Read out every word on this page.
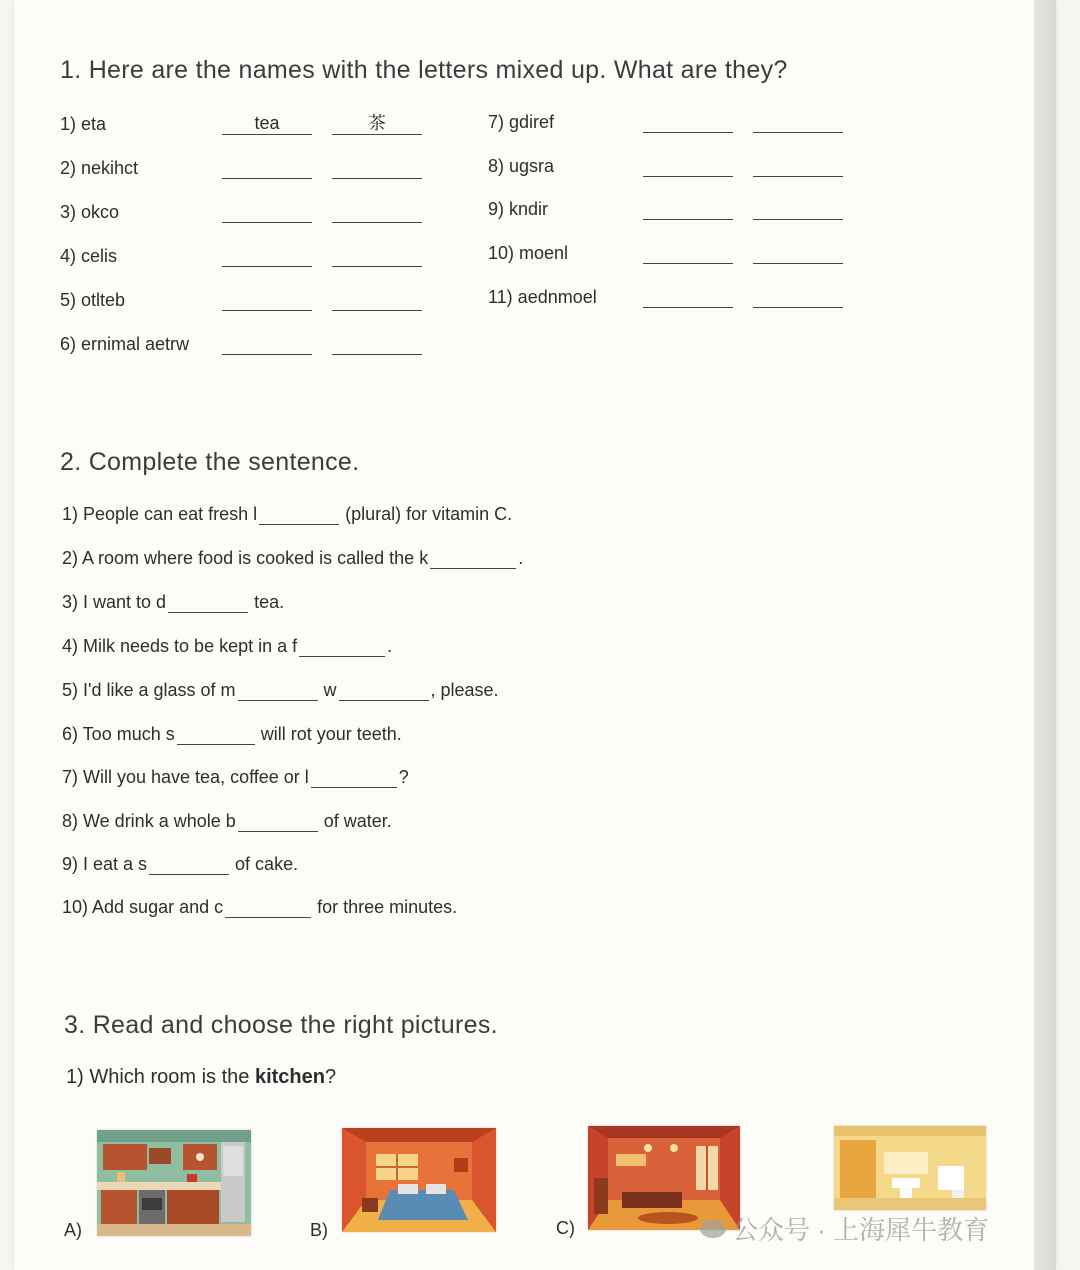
1. Here are the names with the letters mixed up. What are they?
1) eta	tea	茶
2) nekihct
3) okco
4) celis
5) otlteb
6) ernimal aetrw
7) gdiref
8) ugsra
9) kndir
10) moenl
11) aednmoel
2. Complete the sentence.
1) People can eat fresh l	(plural) for vitamin C.
2) A room where food is cooked is called the k	.
3) I want to d	tea.
4) Milk needs to be kept in a f	.
5) I'd like a glass of m	w	, please.
6) Too much s	will rot your teeth.
7) Will you have tea, coffee or l	?
8) We drink a whole b	of water.
9) I eat a s	of cake.
10) Add sugar and c	for three minutes.
3. Read and choose the right pictures.
1) Which room is the kitchen?
A)	B)	C)	公众号 · 上海犀牛教育
